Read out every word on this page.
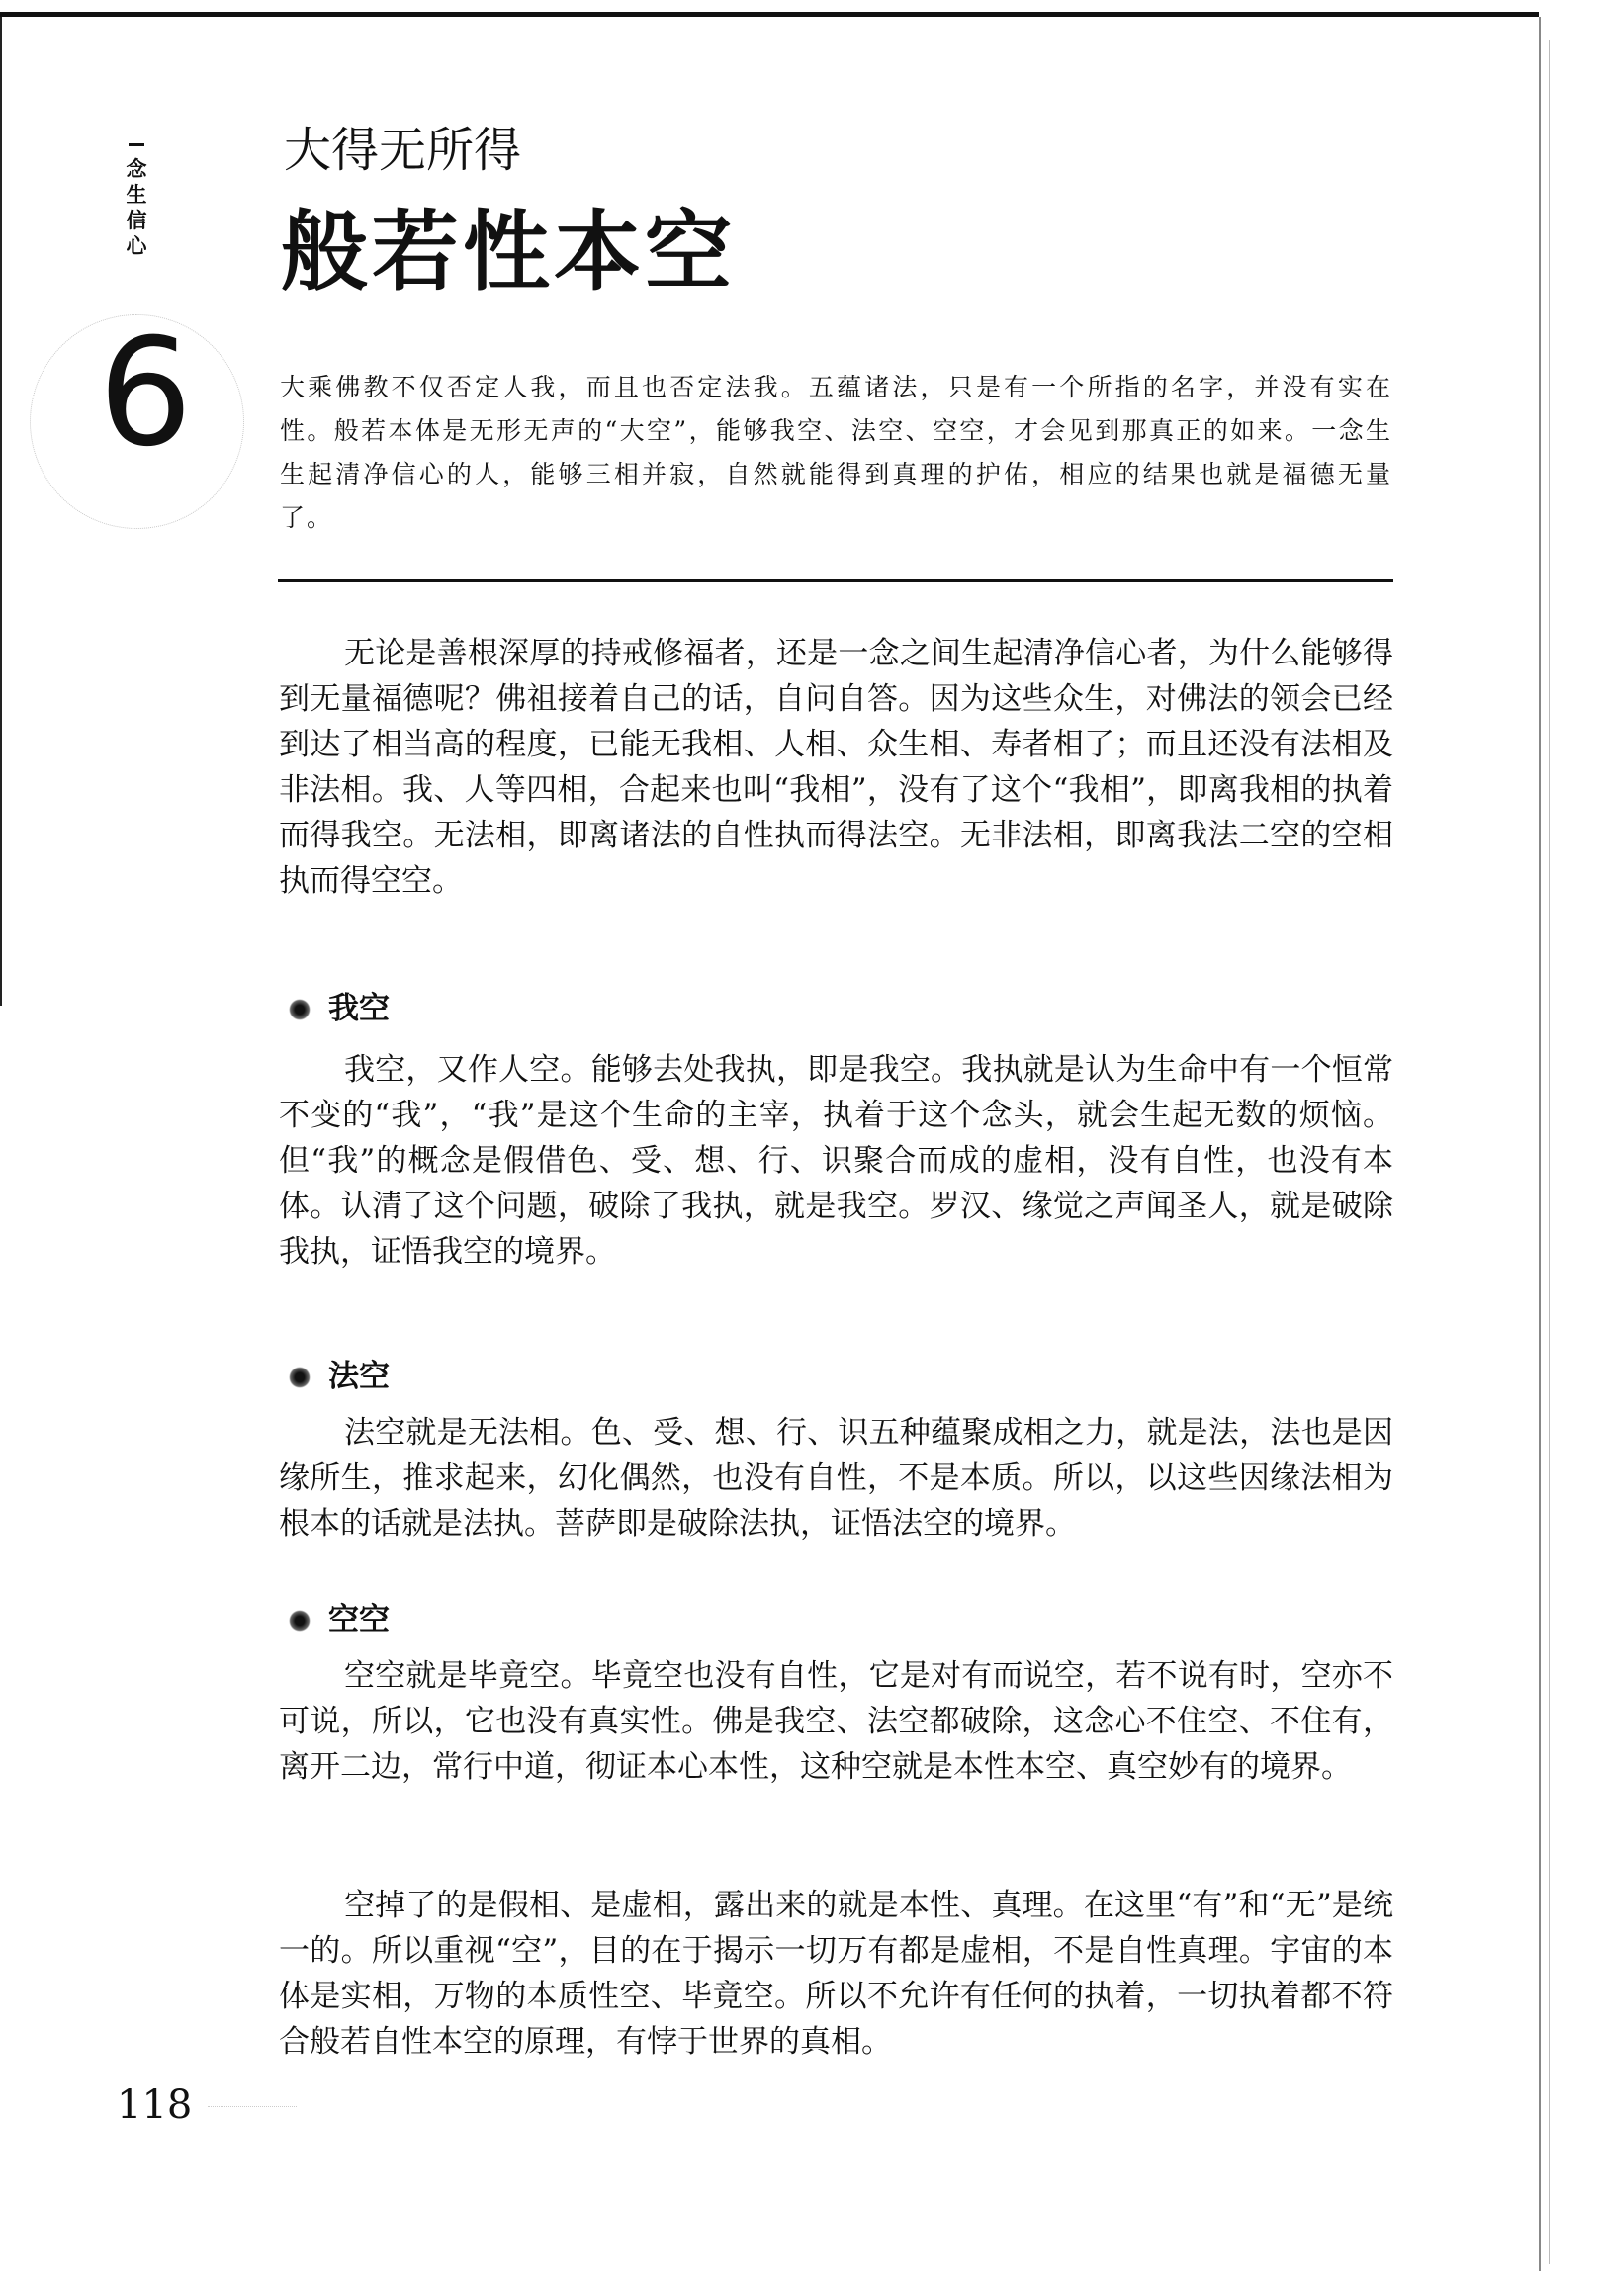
念
生
信
心
6
大得无所得
般若性本空
大乘佛教不仅否定人我，而且也否定法我。五蕴诸法，只是有一个所指的名字，并没有实在性。般若本体是无形无声的“大空”，能够我空、法空、空空，才会见到那真正的如来。一念生生起清净信心的人，能够三相并寂，自然就能得到真理的护佑，相应的结果也就是福德无量了。

无论是善根深厚的持戒修福者，还是一念之间生起清净信心者，为什么能够得到无量福德呢？佛祖接着自己的话，自问自答。因为这些众生，对佛法的领会已经到达了相当高的程度，已能无我相、人相、众生相、寿者相了；而且还没有法相及非法相。我、人等四相，合起来也叫“我相”，没有了这个“我相”，即离我相的执着而得我空。无法相，即离诸法的自性执而得法空。无非法相，即离我法二空的空相执而得空空。

我空

我空，又作人空。能够去处我执，即是我空。我执就是认为生命中有一个恒常不变的“我”，“我”是这个生命的主宰，执着于这个念头，就会生起无数的烦恼。但“我”的概念是假借色、受、想、行、识聚合而成的虚相，没有自性，也没有本体。认清了这个问题，破除了我执，就是我空。罗汉、缘觉之声闻圣人，就是破除我执，证悟我空的境界。

法空

法空就是无法相。色、受、想、行、识五种蕴聚成相之力，就是法，法也是因缘所生，推求起来，幻化偶然，也没有自性，不是本质。所以，以这些因缘法相为根本的话就是法执。菩萨即是破除法执，证悟法空的境界。

空空

空空就是毕竟空。毕竟空也没有自性，它是对有而说空，若不说有时，空亦不可说，所以，它也没有真实性。佛是我空、法空都破除，这念心不住空、不住有，离开二边，常行中道，彻证本心本性，这种空就是本性本空、真空妙有的境界。

空掉了的是假相、是虚相，露出来的就是本性、真理。在这里“有”和“无”是统一的。所以重视“空”，目的在于揭示一切万有都是虚相，不是自性真理。宇宙的本体是实相，万物的本质性空、毕竟空。所以不允许有任何的执着，一切执着都不符合般若自性本空的原理，有悖于世界的真相。

118
